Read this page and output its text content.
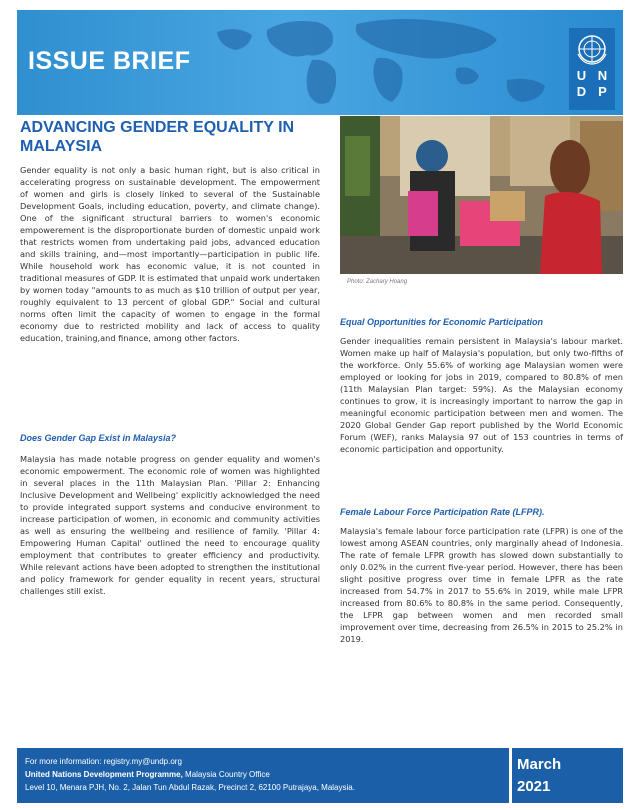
ISSUE BRIEF
U N
D P
ADVANCING GENDER EQUALITY IN MALAYSIA

Gender equality is not only a basic human right, but is also critical in accelerating progress on sustainable development. The empowerment of women and girls is closely linked to several of the Sustainable Development Goals, including education, poverty, and climate change). One of the significant structural barriers to women's economic empowerement is the disproportionate burden of domestic unpaid work that restricts women from undertaking paid jobs, advanced education and skills training, and—most importantly—participation in public life. While household work has economic value, it is not counted in traditional measures of GDP. It is estimated that unpaid work undertaken by women today "amounts to as much as $10 trillion of output per year, roughly equivalent to 13 percent of global GDP." Social and cultural norms often limit the capacity of women to engage in the formal economy due to restricted mobility and lack of access to quality education, training,and finance, among other factors.

Does Gender Gap Exist in Malaysia?

Malaysia has made notable progress on gender equality and women's economic empowerment. The economic role of women was highlighted in several places in the 11th Malaysian Plan. 'Pillar 2: Enhancing Inclusive Development and Wellbeing' explicitly acknowledged the need to provide integrated support systems and conducive environment to increase participation of women, in economic and community activities as well as ensuring the wellbeing and resilience of family. 'Pillar 4: Empowering Human Capital' outlined the need to encourage quality employment that contributes to greater efficiency and productivity. While relevant actions have been adopted to strengthen the institutional and policy framework for gender equality in recent years, structural challenges still exist.

Photo: Zachary Hoang
Equal Opportunities for Economic Participation

Gender inequalities remain persistent in Malaysia's labour market. Women make up half of Malaysia's population, but only two-fifths of the workforce. Only 55.6% of working age Malaysian women were employed or looking for jobs in 2019, compared to 80.8% of men (11th Malaysian Plan target: 59%). As the Malaysian economy continues to grow, it is increasingly important to narrow the gap in meaningful economic participation between men and women. The 2020 Global Gender Gap report published by the World Economic Forum (WEF), ranks Malaysia 97 out of 153 countries in terms of economic participation and opportunity.

Female Labour Force Participation Rate (LFPR).

Malaysia's female labour force participation rate (LFPR) is one of the lowest among ASEAN countries, only marginally ahead of Indonesia. The rate of female LFPR growth has slowed down substantially to only 0.02% in the current five-year period. However, there has been slight positive progress over time in female LPFR as the rate increased from 54.7% in 2017 to 55.6% in 2019, while male LFPR increased from 80.6% to 80.8% in the same period. Consequently, the LFPR gap between women and men recorded small improvement over time, decreasing from 26.5% in 2015 to 25.2% in 2019.

For more information: registry.my@undp.org
United Nations Development Programme, Malaysia Country Office
Level 10, Menara PJH, No. 2, Jalan Tun Abdul Razak, Precinct 2, 62100 Putrajaya, Malaysia.
March
2021
